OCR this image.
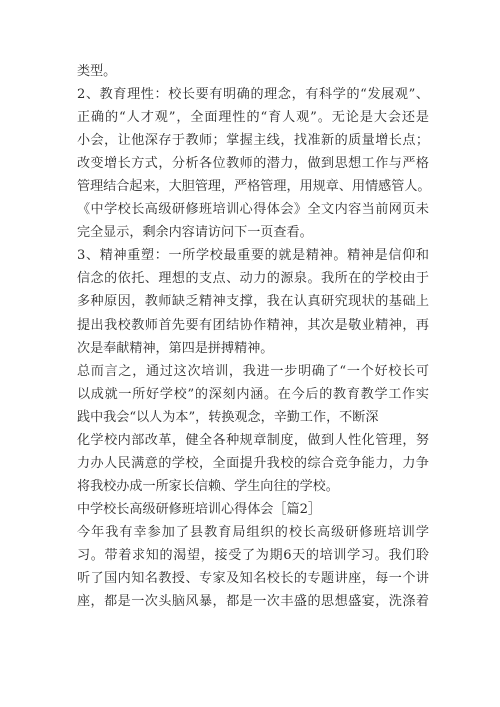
类型。
2、教育理性：校长要有明确的理念，有科学的“发展观”、
正确的“人才观”，全面理性的“育人观”。无论是大会还是
小会，让他深存于教师；掌握主线，找准新的质量增长点；
改变增长方式，分析各位教师的潜力，做到思想工作与严格
管理结合起来，大胆管理，严格管理，用规章、用情感管人。
《中学校长高级研修班培训心得体会》全文内容当前网页未
完全显示，剩余内容请访问下一页查看。
3、精神重塑：一所学校最重要的就是精神。精神是信仰和
信念的依托、理想的支点、动力的源泉。我所在的学校由于
多种原因，教师缺乏精神支撑，我在认真研究现状的基础上
提出我校教师首先要有团结协作精神，其次是敬业精神，再
次是奉献精神，第四是拼搏精神。
总而言之，通过这次培训，我进一步明确了“一个好校长可
以成就一所好学校”的深刻内涵。在今后的教育教学工作实
践中我会“以人为本”，转换观念，辛勤工作，不断深
化学校内部改革，健全各种规章制度，做到人性化管理，努
力办人民满意的学校，全面提升我校的综合竞争能力，力争
将我校办成一所家长信赖、学生向往的学校。
中学校长高级研修班培训心得体会［篇2］
今年我有幸参加了县教育局组织的校长高级研修班培训学
习。带着求知的渴望，接受了为期6天的培训学习。我们聆
听了国内知名教授、专家及知名校长的专题讲座，每一个讲
座，都是一次头脑风暴，都是一次丰盛的思想盛宴，洗涤着
